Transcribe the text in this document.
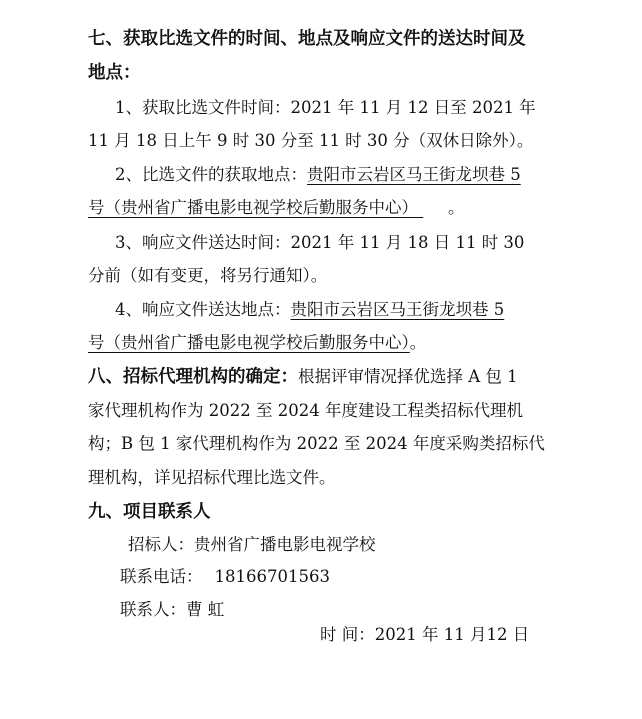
七、获取比选文件的时间、地点及响应文件的送达时间及
地点：
1、获取比选文件时间：2021 年 11 月 12 日至 2021 年
11 月 18 日上午 9 时 30 分至 11 时 30 分（双休日除外）。
2、比选文件的获取地点：贵阳市云岩区马王街龙坝巷 5
号（贵州省广播电影电视学校后勤服务中心） 。
3、响应文件送达时间：2021 年 11 月 18 日 11 时 30
分前（如有变更，将另行通知）。
4、响应文件送达地点：贵阳市云岩区马王街龙坝巷 5
号（贵州省广播电影电视学校后勤服务中心）。
八、招标代理机构的确定：根据评审情况择优选择 A 包 1
家代理机构作为 2022 至 2024 年度建设工程类招标代理机
构；B 包 1 家代理机构作为 2022 至 2024 年度采购类招标代
理机构，详见招标代理比选文件。
九、项目联系人
招标人：贵州省广播电影电视学校
联系电话： 18166701563
联系人：曹 虹
时 间：2021 年 11 月12 日
